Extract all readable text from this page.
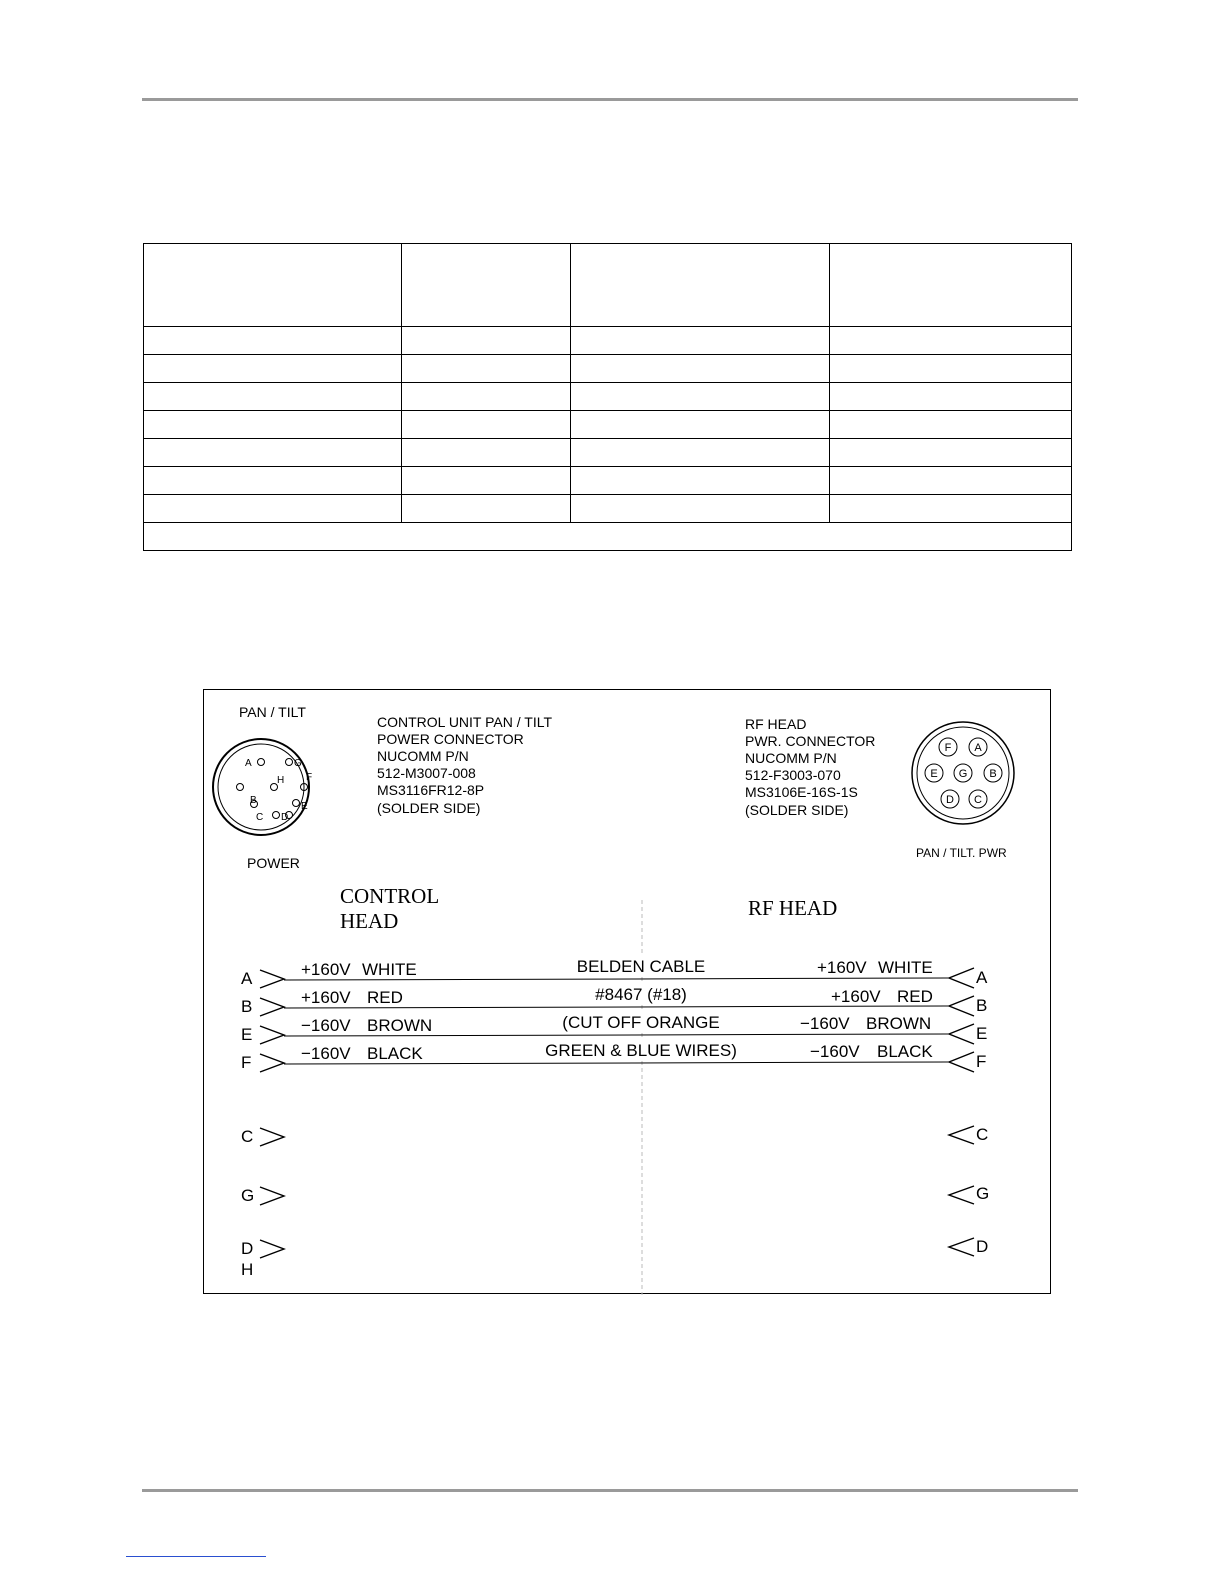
PAN / TILT
A	G
H F
B
E
C D
POWER
CONTROL UNIT PAN / TILT
POWER CONNECTOR
NUCOMM P/N
512-M3007-008
MS3116FR12-8P
(SOLDER SIDE)
RF HEAD
PWR. CONNECTOR
NUCOMM P/N
512-F3003-070
MS3106E-16S-1S
(SOLDER SIDE)
F A
E G B
D C
PAN / TILT. PWR
CONTROL
HEAD
RF HEAD
A	+160V WHITE	+160V WHITE
A
B	+160V RED	+160V RED	B
E	−160V BROWN	−160V BROWN
E
F	−160V BLACK	−160V BLACK
F
BELDEN CABLE
#8467 (#18)
(CUT OFF ORANGE
GREEN & BLUE WIRES)
C	C
G	G
D
H
D
